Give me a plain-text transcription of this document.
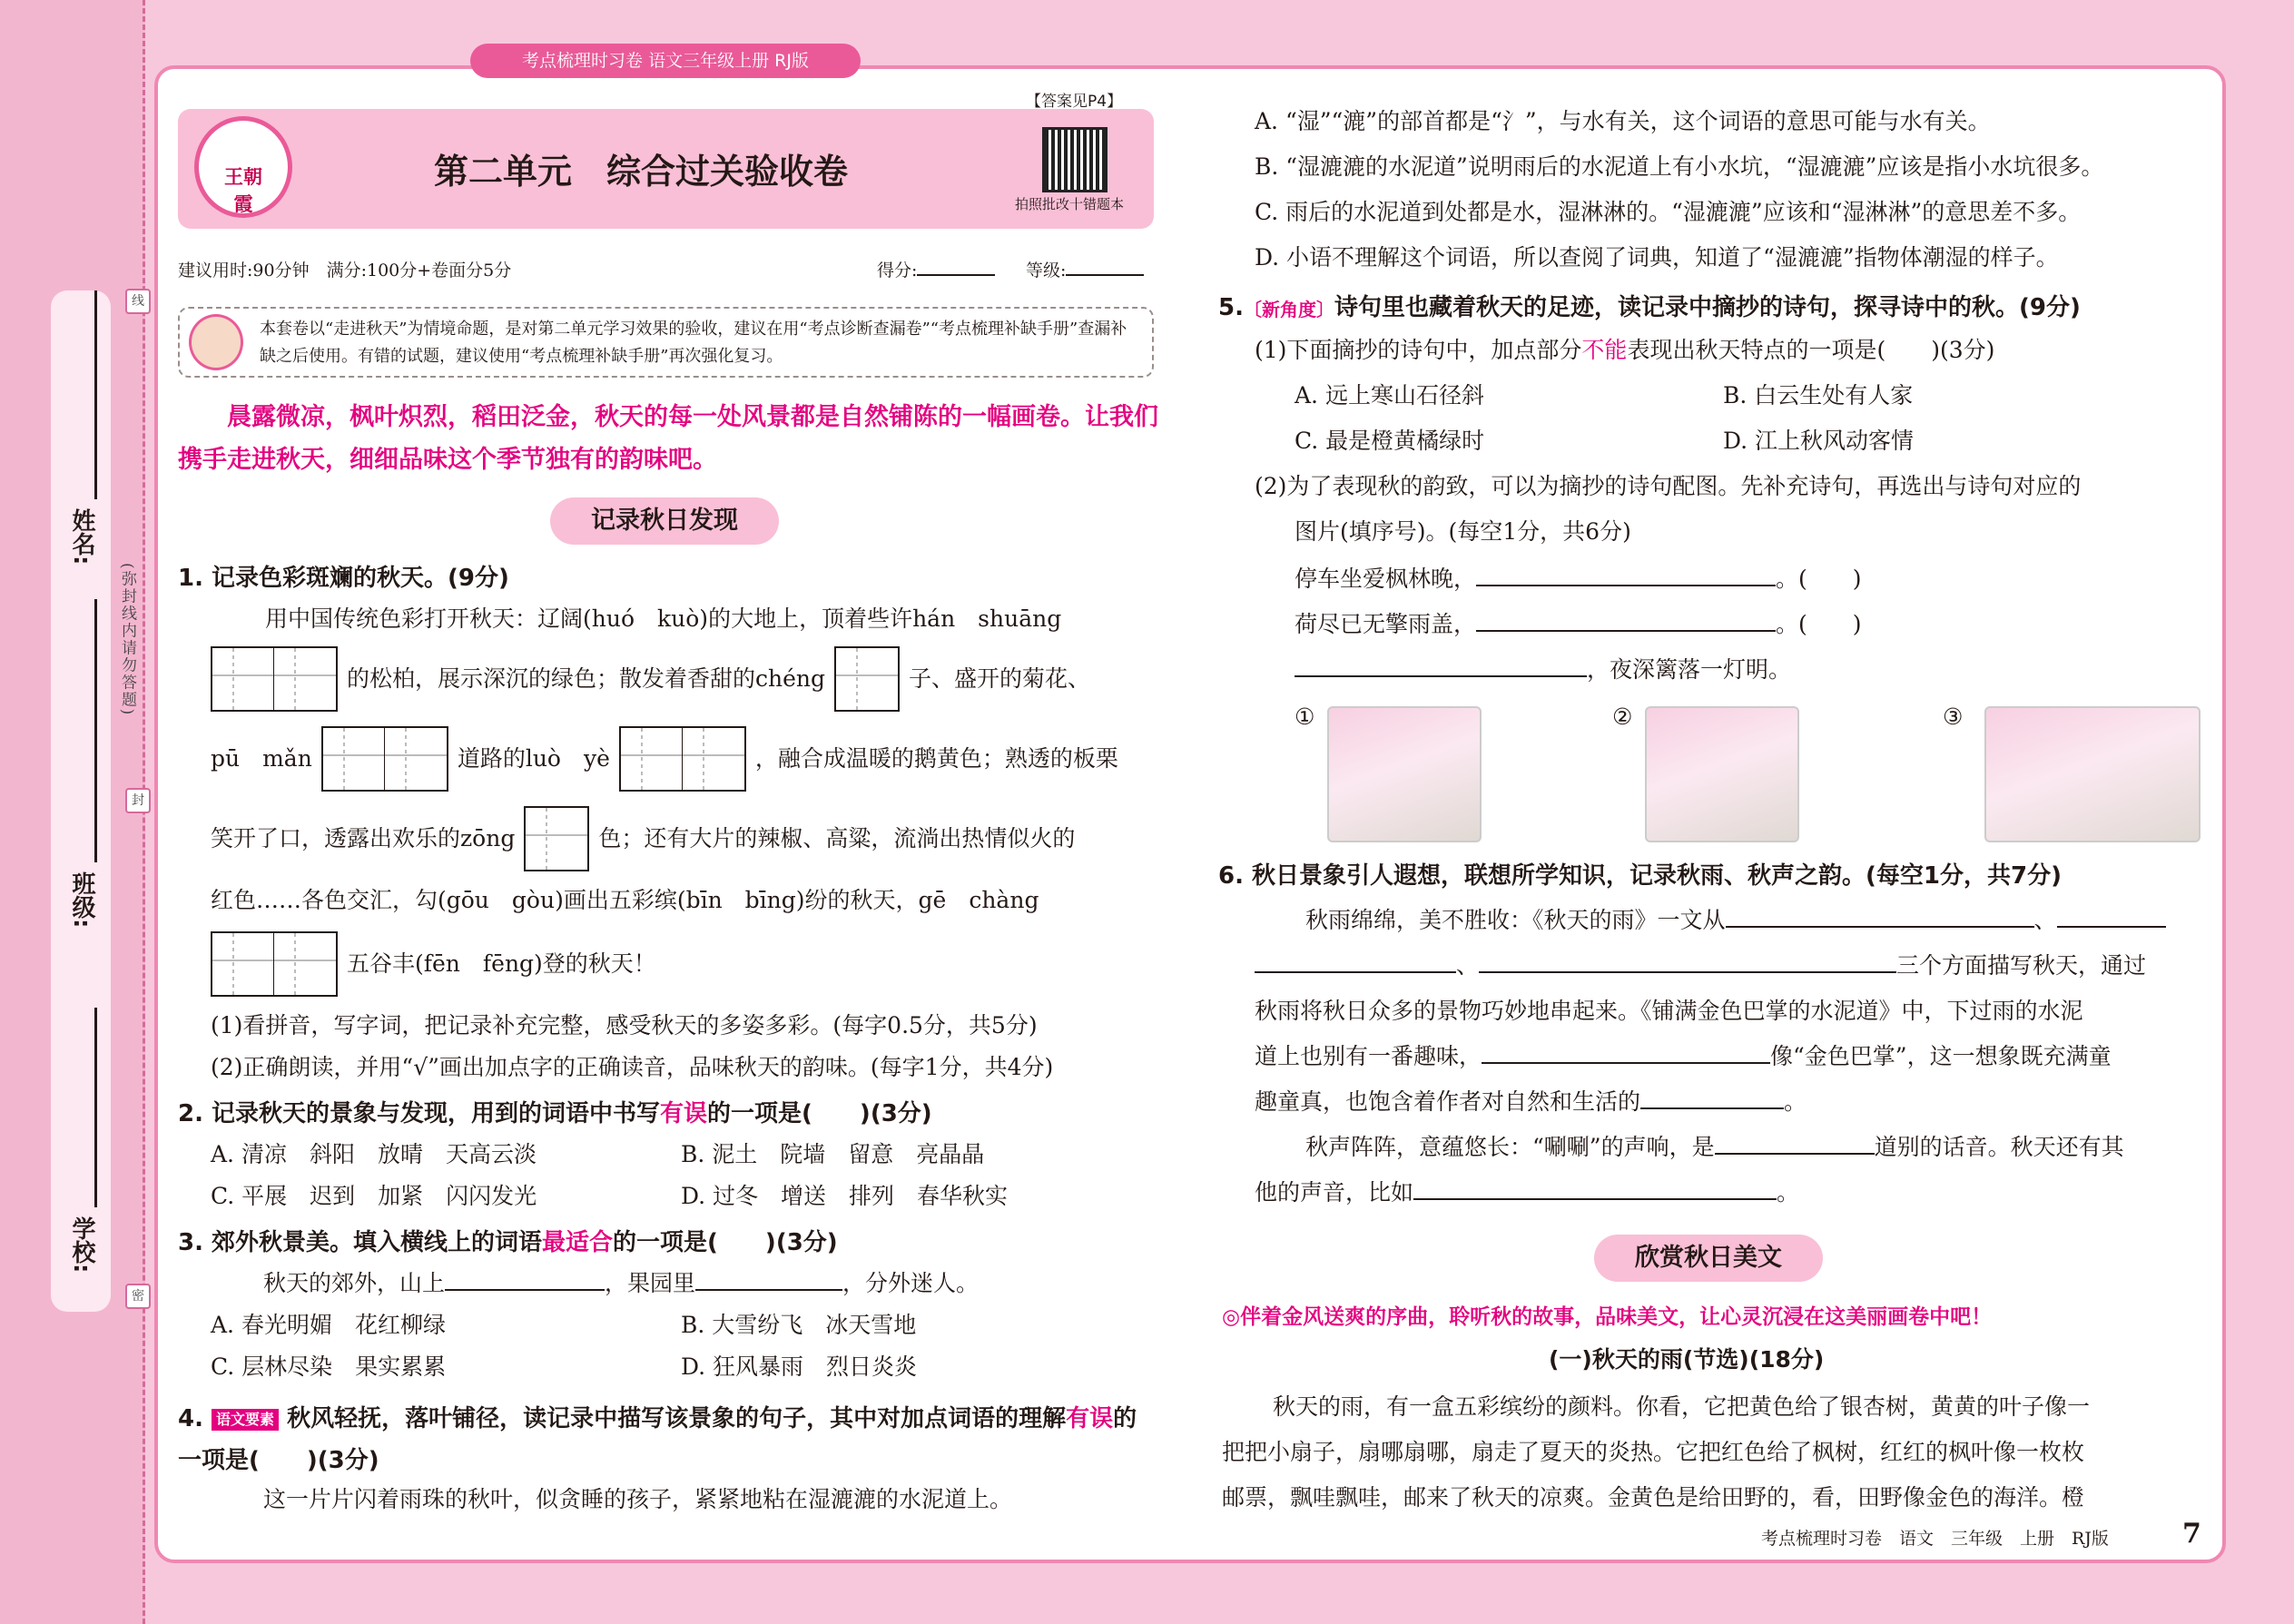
姓名:
班级:
学校:
(弥封线内请勿答题)
线
封
密
考点梳理时习卷 语文三年级上册 RJ版
王朝霞
第二单元　综合过关验收卷
【答案见P4】
拍照批改十错题本
建议用时:90分钟　满分:100分+卷面分5分	得分:	等级:
本套卷以“走进秋天”为情境命题，是对第二单元学习效果的验收，建议在用“考点诊断查漏卷”“考点梳理补缺手册”查漏补缺之后使用。有错的试题，建议使用“考点梳理补缺手册”再次强化复习。
晨露微凉，枫叶炽烈，稻田泛金，秋天的每一处风景都是自然铺陈的一幅画卷。让我们携手走进秋天，细细品味这个季节独有的韵味吧。
记录秋日发现
1. 记录色彩斑斓的秋天。(9分)
用中国传统色彩打开秋天：辽阔(huó　kuò)的大地上，顶着些许hán　shuāng
的松柏，展示深沉的绿色；散发着香甜的chéng	子、盛开的菊花、
pū　mǎn	道路的luò　yè	，融合成温暖的鹅黄色；熟透的板栗
笑开了口，透露出欢乐的zōng	色；还有大片的辣椒、高粱，流淌出热情似火的
红色……各色交汇，勾(gōu　gòu)画出五彩缤(bīn　bīng)纷的秋天，gē　chàng
五谷丰(fēn　fēng)登的秋天！
(1)看拼音，写字词，把记录补充完整，感受秋天的多姿多彩。(每字0.5分，共5分)
(2)正确朗读，并用“√”画出加点字的正确读音，品味秋天的韵味。(每字1分，共4分)
2. 记录秋天的景象与发现，用到的词语中书写有误的一项是(　　)(3分)
A. 清凉　斜阳　放晴　天高云淡	B. 泥土　院墙　留意　亮晶晶
C. 平展　迟到　加紧　闪闪发光	D. 过冬　增送　排列　春华秋实
3. 郊外秋景美。填入横线上的词语最适合的一项是(　　)(3分)
秋天的郊外，山上	，果园里	，分外迷人。
A. 春光明媚　花红柳绿	B. 大雪纷飞　冰天雪地
C. 层林尽染　果实累累	D. 狂风暴雨　烈日炎炎
4. 语文要素 秋风轻抚，落叶铺径，读记录中描写该景象的句子，其中对加点词语的理解有误的一项是(　　)(3分)
这一片片闪着雨珠的秋叶，似贪睡的孩子，紧紧地粘在湿漉漉的水泥道上。
A. “湿”“漉”的部首都是“氵”，与水有关，这个词语的意思可能与水有关。
B. “湿漉漉的水泥道”说明雨后的水泥道上有小水坑，“湿漉漉”应该是指小水坑很多。
C. 雨后的水泥道到处都是水，湿淋淋的。“湿漉漉”应该和“湿淋淋”的意思差不多。
D. 小语不理解这个词语，所以查阅了词典，知道了“湿漉漉”指物体潮湿的样子。
5.〔新角度〕诗句里也藏着秋天的足迹，读记录中摘抄的诗句，探寻诗中的秋。(9分)
(1)下面摘抄的诗句中，加点部分不能表现出秋天特点的一项是(　　)(3分)
A. 远上寒山石径斜	B. 白云生处有人家
C. 最是橙黄橘绿时	D. 江上秋风动客情
(2)为了表现秋的韵致，可以为摘抄的诗句配图。先补充诗句，再选出与诗句对应的
图片(填序号)。(每空1分，共6分)
停车坐爱枫林晚，	。(　　)
荷尽已无擎雨盖，	。(　　)
，夜深篱落一灯明。
①	②	③
6. 秋日景象引人遐想，联想所学知识，记录秋雨、秋声之韵。(每空1分，共7分)
秋雨绵绵，美不胜收：《秋天的雨》一文从	、
、	三个方面描写秋天，通过
秋雨将秋日众多的景物巧妙地串起来。《铺满金色巴掌的水泥道》中，下过雨的水泥
道上也别有一番趣味，	像“金色巴掌”，这一想象既充满童
趣童真，也饱含着作者对自然和生活的	。
秋声阵阵，意蕴悠长：“唰唰”的声响，是	道别的话音。秋天还有其
他的声音，比如	。
欣赏秋日美文
◎伴着金风送爽的序曲，聆听秋的故事，品味美文，让心灵沉浸在这美丽画卷中吧！
(一)秋天的雨(节选)(18分)
秋天的雨，有一盒五彩缤纷的颜料。你看，它把黄色给了银杏树，黄黄的叶子像一
把把小扇子，扇哪扇哪，扇走了夏天的炎热。它把红色给了枫树，红红的枫叶像一枚枚
邮票，飘哇飘哇，邮来了秋天的凉爽。金黄色是给田野的，看，田野像金色的海洋。橙
考点梳理时习卷　语文　三年级　上册　RJ版	7
